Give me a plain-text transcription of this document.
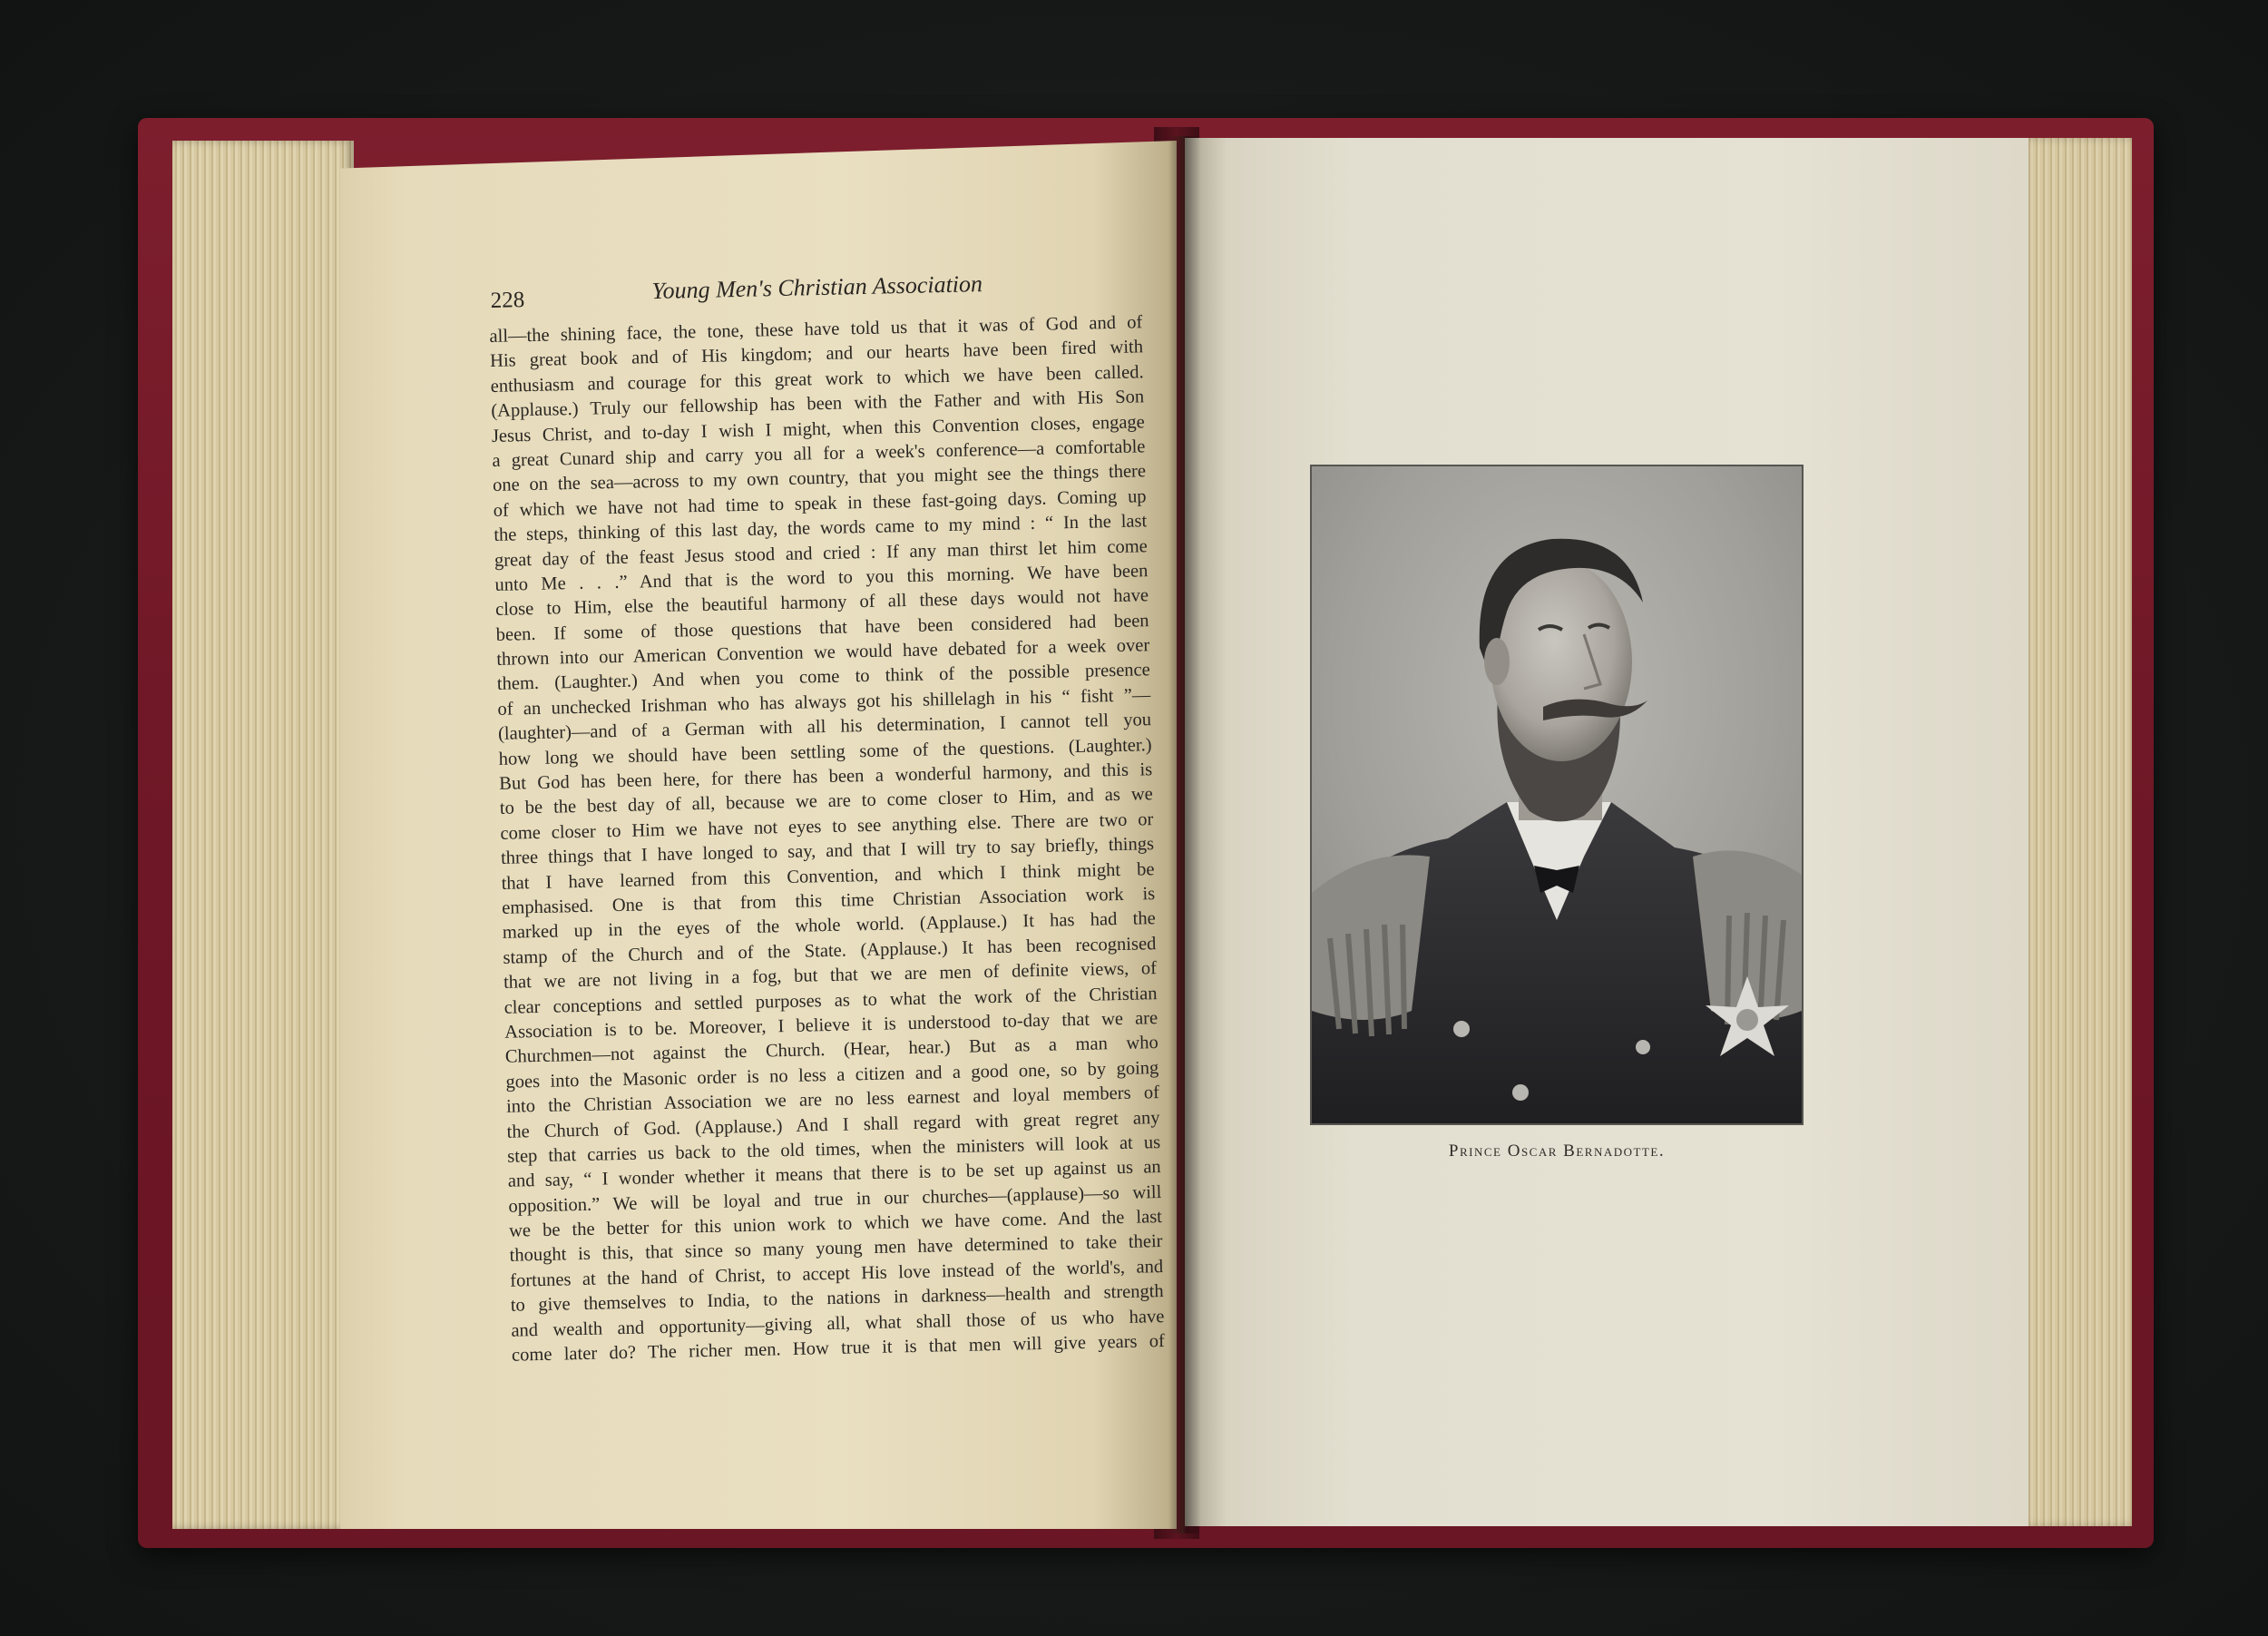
228	Young Men's Christian Association
all—the shining face, the tone, these have told us that it was of God and of
His great book and of His kingdom; and our hearts have been fired with
enthusiasm and courage for this great work to which we have been called.
(Applause.) Truly our fellowship has been with the Father and with His Son
Jesus Christ, and to-day I wish I might, when this Convention closes, engage
a great Cunard ship and carry you all for a week's conference—a comfortable
one on the sea—across to my own country, that you might see the things there
of which we have not had time to speak in these fast-going days. Coming up
the steps, thinking of this last day, the words came to my mind : “ In the last
great day of the feast Jesus stood and cried : If any man thirst let him come
unto Me . . .” And that is the word to you this morning. We have been
close to Him, else the beautiful harmony of all these days would not have
been. If some of those questions that have been considered had been
thrown into our American Convention we would have debated for a week over
them. (Laughter.) And when you come to think of the possible presence
of an unchecked Irishman who has always got his shillelagh in his “ fisht ”—
(laughter)—and of a German with all his determination, I cannot tell you
how long we should have been settling some of the questions. (Laughter.)
But God has been here, for there has been a wonderful harmony, and this is
to be the best day of all, because we are to come closer to Him, and as we
come closer to Him we have not eyes to see anything else. There are two or
three things that I have longed to say, and that I will try to say briefly, things
that I have learned from this Convention, and which I think might be
emphasised. One is that from this time Christian Association work is
marked up in the eyes of the whole world. (Applause.) It has had the
stamp of the Church and of the State. (Applause.) It has been recognised
that we are not living in a fog, but that we are men of definite views, of
clear conceptions and settled purposes as to what the work of the Christian
Association is to be. Moreover, I believe it is understood to-day that we are
Churchmen—not against the Church. (Hear, hear.) But as a man who
goes into the Masonic order is no less a citizen and a good one, so by going
into the Christian Association we are no less earnest and loyal members of
the Church of God. (Applause.) And I shall regard with great regret any
step that carries us back to the old times, when the ministers will look at us
and say, “ I wonder whether it means that there is to be set up against us an
opposition.” We will be loyal and true in our churches—(applause)—so will
we be the better for this union work to which we have come. And the last
thought is this, that since so many young men have determined to take their
fortunes at the hand of Christ, to accept His love instead of the world's, and
to give themselves to India, to the nations in darkness—health and strength
and wealth and opportunity—giving all, what shall those of us who have
come later do? The richer men. How true it is that men will give years of
Prince Oscar Bernadotte.
